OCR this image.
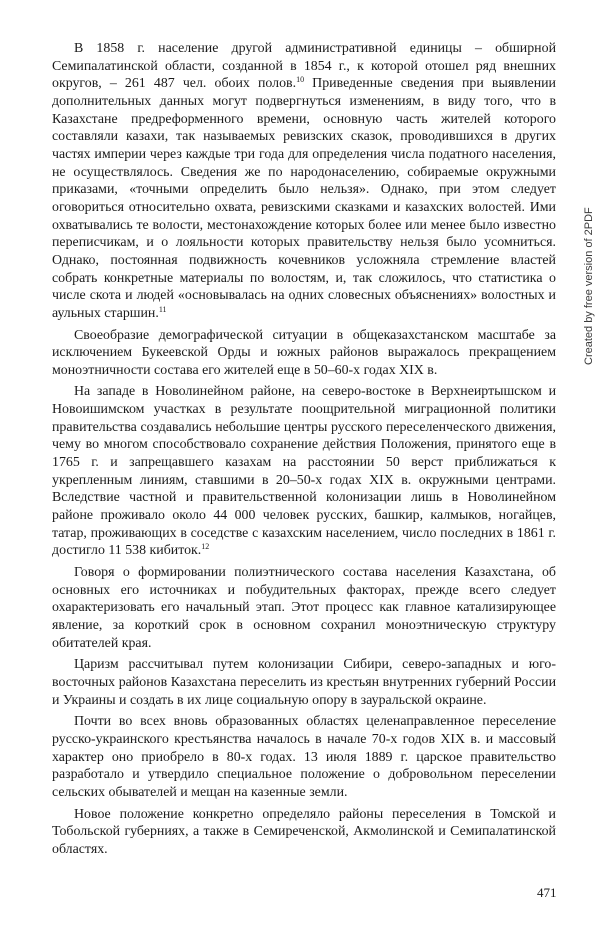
В 1858 г. население другой административной единицы – обширной Семипалатинской области, созданной в 1854 г., к которой отошел ряд внешних округов, – 261 487 чел. обоих полов.$^{10}$ Приведенные сведения при выявлении дополнительных данных могут подвергнуться изменениям, в виду того, что в Казахстане предреформенного времени, основную часть жителей которого составляли казахи, так называемых ревизских сказок, проводившихся в других частях империи через каждые три года для определения числа податного населения, не осуществлялось. Сведения же по народонаселению, собираемые окружными приказами, «точными определить было нельзя». Однако, при этом следует оговориться относительно охвата, ревизскими сказками и казахских волостей. Ими охватывались те волости, местонахождение которых более или менее было известно переписчикам, и о лояльности которых правительству нельзя было усомниться. Однако, постоянная подвижность кочевников усложняла стремление властей собрать конкретные материалы по волостям, и, так сложилось, что статистика о числе скота и людей «основывалась на одних словесных объяснениях» волостных и аульных старшин.$^{11}$

Своеобразие демографической ситуации в общеказахстанском масштабе за исключением Букеевской Орды и южных районов выражалось прекращением моноэтничности состава его жителей еще в 50–60-х годах XIX в.

На западе в Новолинейном районе, на северо-востоке в Верхнеиртышском и Новоишимском участках в результате поощрительной миграционной политики правительства создавались небольшие центры русского переселенческого движения, чему во многом способствовало сохранение действия Положения, принятого еще в 1765 г. и запрещавшего казахам на расстоянии 50 верст приближаться к укрепленным линиям, ставшими в 20–50-х годах XIX в. окружными центрами. Вследствие частной и правительственной колонизации лишь в Новолинейном районе проживало около 44 000 человек русских, башкир, калмыков, ногайцев, татар, проживающих в соседстве с казахским населением, число последних в 1861 г. достигло 11 538 кибиток.$^{12}$

Говоря о формировании полиэтнического состава населения Казахстана, об основных его источниках и побудительных факторах, прежде всего следует охарактеризовать его начальный этап. Этот процесс как главное катализирующее явление, за короткий срок в основном сохранил моноэтническую структуру обитателей края.

Царизм рассчитывал путем колонизации Сибири, северо-западных и юго-восточных районов Казахстана переселить из крестьян внутренних губерний России и Украины и создать в их лице социальную опору в зауральской окраине.

Почти во всех вновь образованных областях целенаправленное переселение русско-украинского крестьянства началось в начале 70-х годов XIX в. и массовый характер оно приобрело в 80-х годах. 13 июля 1889 г. царское правительство разработало и утвердило специальное положение о добровольном переселении сельских обывателей и мещан на казенные земли.

Новое положение конкретно определяло районы переселения в Томской и Тобольской губерниях, а также в Семиреченской, Акмолинской и Семипалатинской областях.

Created by free version of 2PDF
471
